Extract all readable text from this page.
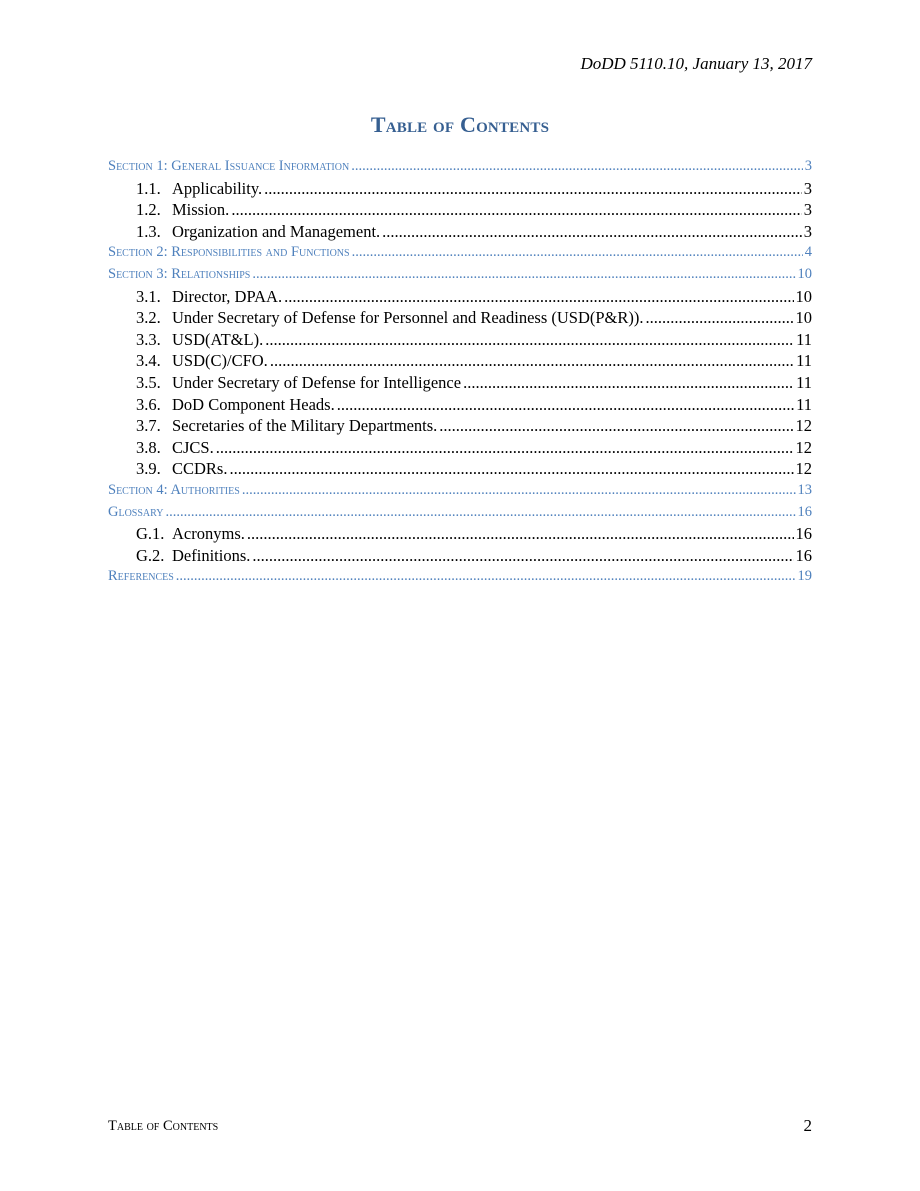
DoDD 5110.10, January 13, 2017
Table of Contents
Section 1: General Issuance Information .....	3
1.1. Applicability. .....	3
1.2. Mission. .....	3
1.3. Organization and Management. .....	3
Section 2: Responsibilities and Functions .....	4
Section 3: Relationships .....	10
3.1. Director, DPAA. .....	10
3.2. Under Secretary of Defense for Personnel and Readiness (USD(P&R)). .....	10
3.3. USD(AT&L). .....	11
3.4. USD(C)/CFO. .....	11
3.5. Under Secretary of Defense for Intelligence .....	11
3.6. DoD Component Heads. .....	11
3.7. Secretaries of the Military Departments. .....	12
3.8. CJCS. .....	12
3.9. CCDRs. .....	12
Section 4: Authorities .....	13
Glossary .....	16
G.1. Acronyms. .....	16
G.2. Definitions. .....	16
References .....	19
Table of Contents	2
